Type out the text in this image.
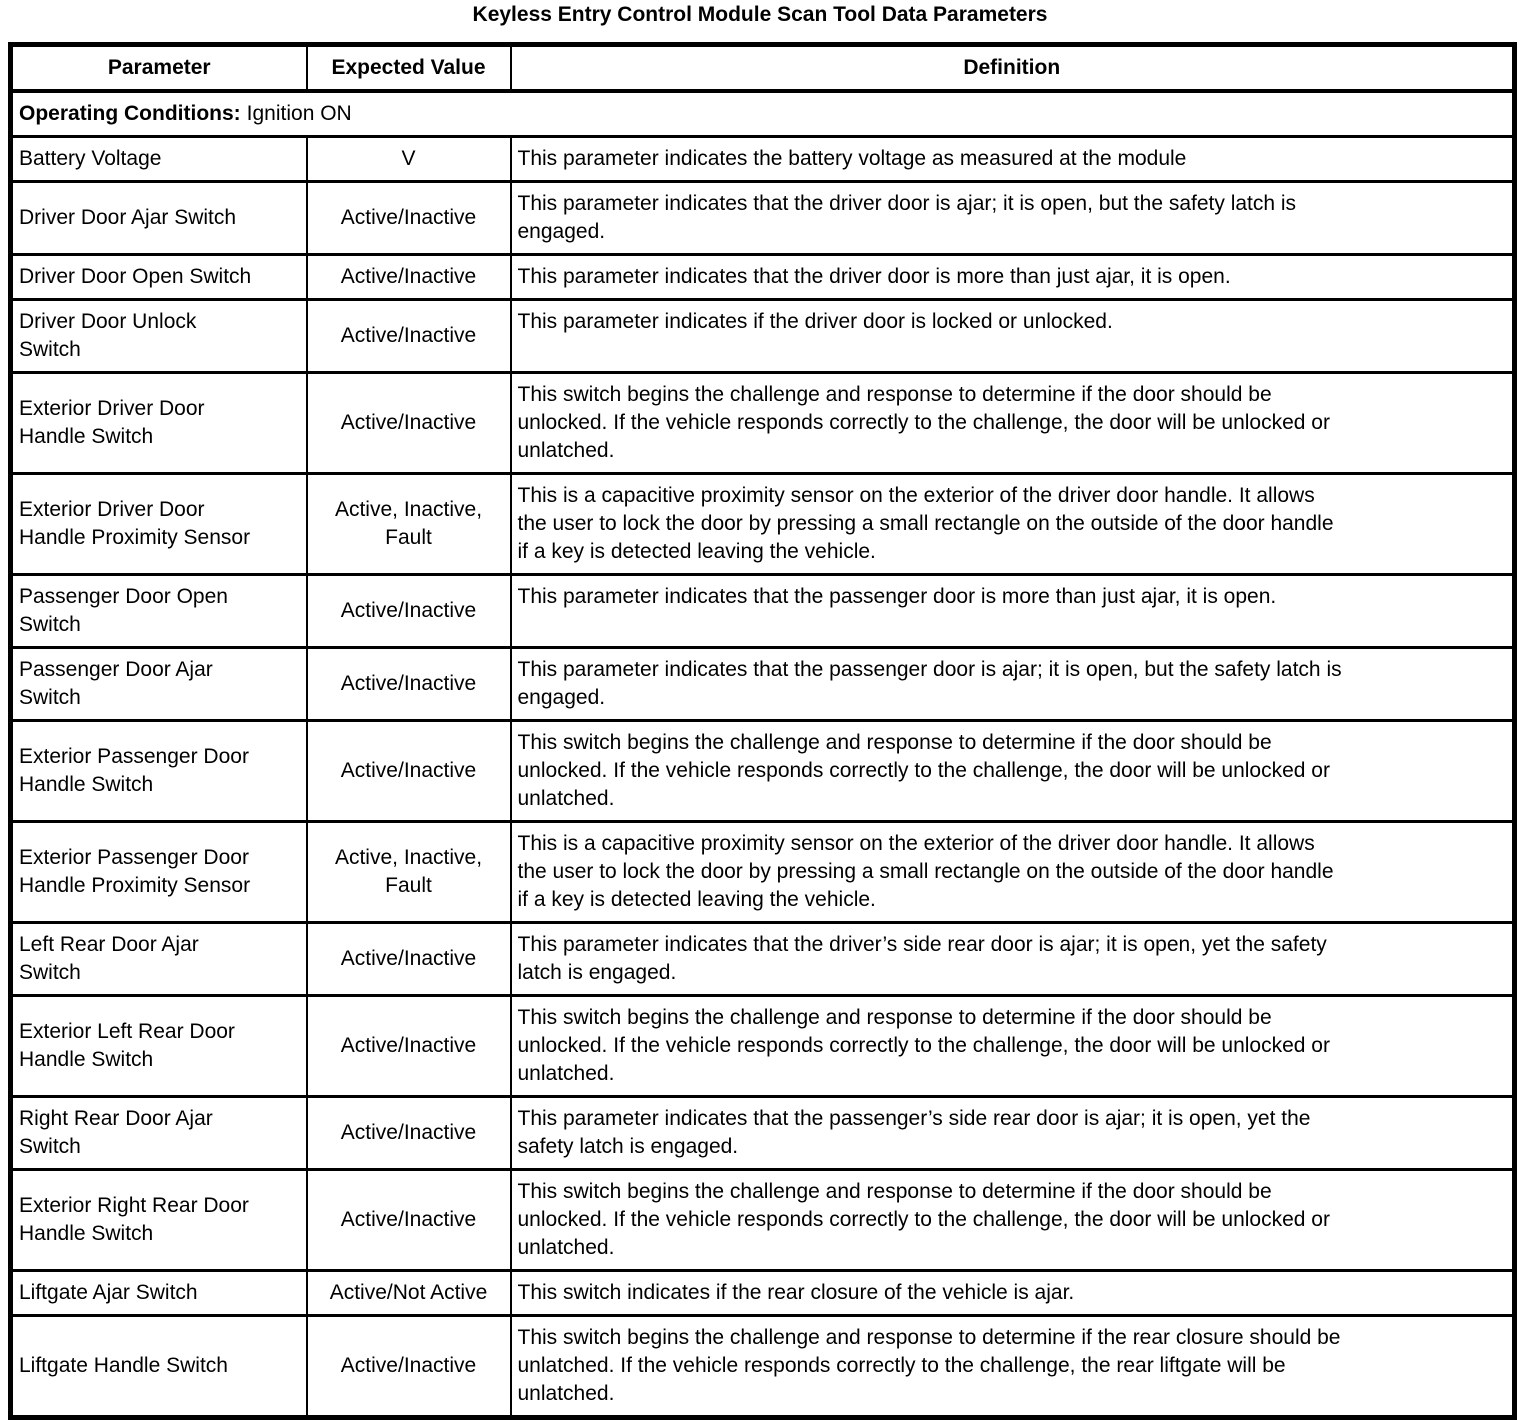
Keyless Entry Control Module Scan Tool Data Parameters
Parameter	Expected Value	Definition
Operating Conditions: Ignition ON		

Battery Voltage	V	This parameter indicates the battery voltage as measured at the module

Driver Door Ajar Switch	Active/Inactive	This parameter indicates that the driver door is ajar; it is open, but the safety latch is engaged.

Driver Door Open Switch	Active/Inactive	This parameter indicates that the driver door is more than just ajar, it is open.

Driver Door Unlock Switch	Active/Inactive	This parameter indicates if the driver door is locked or unlocked.

Exterior Driver Door Handle Switch	Active/Inactive	This switch begins the challenge and response to determine if the door should be unlocked. If the vehicle responds correctly to the challenge, the door will be unlocked or unlatched.

Exterior Driver Door Handle Proximity Sensor	Active, Inactive, Fault	This is a capacitive proximity sensor on the exterior of the driver door handle. It allows the user to lock the door by pressing a small rectangle on the outside of the door handle if a key is detected leaving the vehicle.

Passenger Door Open Switch	Active/Inactive	This parameter indicates that the passenger door is more than just ajar, it is open.

Passenger Door Ajar Switch	Active/Inactive	This parameter indicates that the passenger door is ajar; it is open, but the safety latch is engaged.

Exterior Passenger Door Handle Switch	Active/Inactive	This switch begins the challenge and response to determine if the door should be unlocked. If the vehicle responds correctly to the challenge, the door will be unlocked or unlatched.

Exterior Passenger Door Handle Proximity Sensor	Active, Inactive, Fault	This is a capacitive proximity sensor on the exterior of the driver door handle. It allows the user to lock the door by pressing a small rectangle on the outside of the door handle if a key is detected leaving the vehicle.

Left Rear Door Ajar Switch	Active/Inactive	This parameter indicates that the driver’s side rear door is ajar; it is open, yet the safety latch is engaged.

Exterior Left Rear Door Handle Switch	Active/Inactive	This switch begins the challenge and response to determine if the door should be unlocked. If the vehicle responds correctly to the challenge, the door will be unlocked or unlatched.

Right Rear Door Ajar Switch	Active/Inactive	This parameter indicates that the passenger’s side rear door is ajar; it is open, yet the safety latch is engaged.

Exterior Right Rear Door Handle Switch	Active/Inactive	This switch begins the challenge and response to determine if the door should be unlocked. If the vehicle responds correctly to the challenge, the door will be unlocked or unlatched.

Liftgate Ajar Switch	Active/Not Active	This switch indicates if the rear closure of the vehicle is ajar.

Liftgate Handle Switch	Active/Inactive	This switch begins the challenge and response to determine if the rear closure should be unlatched. If the vehicle responds correctly to the challenge, the rear liftgate will be unlatched.
